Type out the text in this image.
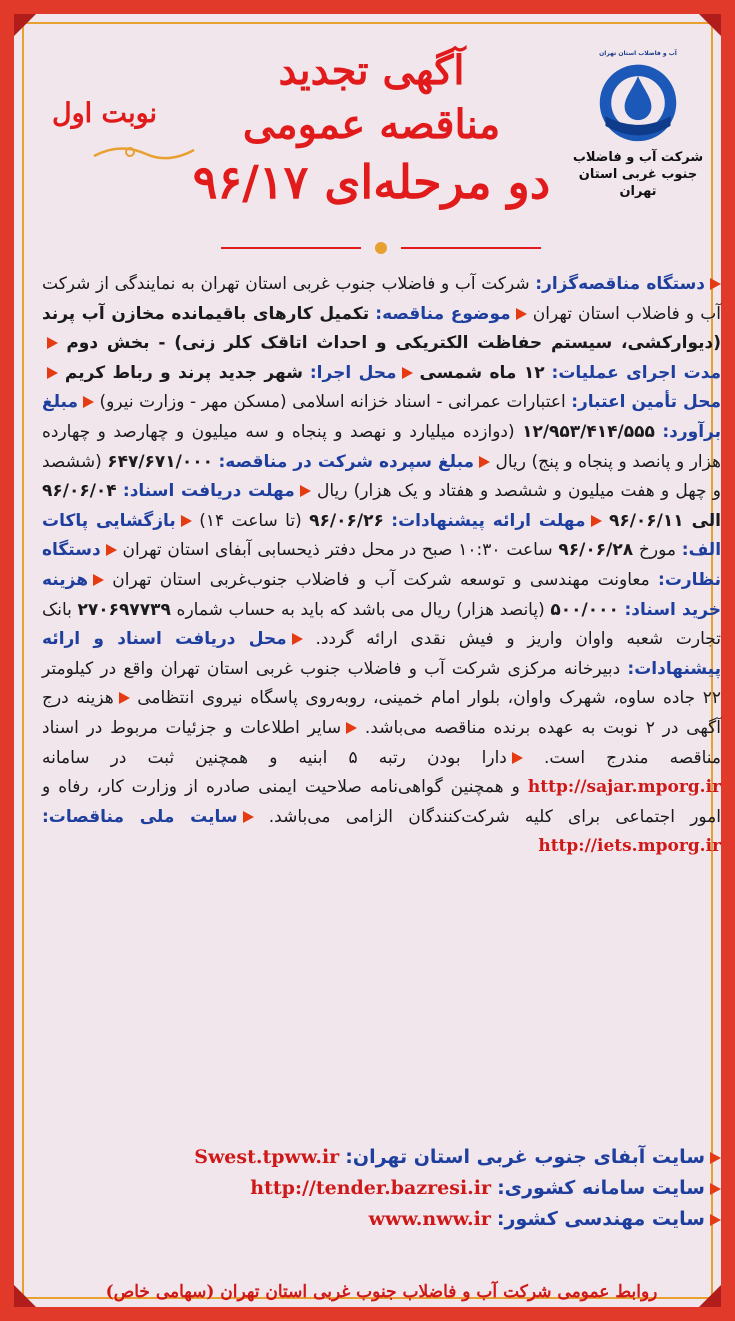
آب و فاضلاب استان تهران
شرکت آب و فاضلاب
جنوب غربی استان تهران
آگهی تجدید
مناقصه عمومی
دو مرحله‌ای ۹۶/۱۷
نوبت اول

دستگاه مناقصه‌گزار: شرکت آب و فاضلاب جنوب غربی استان تهران به نمایندگی از شرکت آب و فاضلاب استان تهران موضوع مناقصه: تکمیل کارهای باقیمانده مخازن آب پرند (دیوارکشی، سیستم حفاظت الکتریکی و احداث اتاقک کلر زنی) - بخش دوم مدت اجرای عملیات: ۱۲ ماه شمسی محل اجرا: شهر جدید پرند و رباط کریم محل تأمین اعتبار: اعتبارات عمرانی - اسناد خزانه اسلامی (مسکن مهر - وزارت نیرو) مبلغ برآورد: ۱۲/۹۵۳/۴۱۴/۵۵۵ (دوازده میلیارد و نهصد و پنجاه و سه میلیون و چهارصد و چهارده هزار و پانصد و پنجاه و پنج) ریال مبلغ سپرده شرکت در مناقصه: ۶۴۷/۶۷۱/۰۰۰ (ششصد و چهل و هفت میلیون و ششصد و هفتاد و یک هزار) ریال مهلت دریافت اسناد: ۹۶/۰۶/۰۴ الی ۹۶/۰۶/۱۱ مهلت ارائه پیشنهادات: ۹۶/۰۶/۲۶ (تا ساعت ۱۴) بازگشایی پاکات الف: مورخ ۹۶/۰۶/۲۸ ساعت ۱۰:۳۰ صبح در محل دفتر ذیحسابی آبفای استان تهران دستگاه نظارت: معاونت مهندسی و توسعه شرکت آب و فاضلاب جنوب‌غربی استان تهران هزینه خرید اسناد: ۵۰۰/۰۰۰ (پانصد هزار) ریال می باشد که باید به حساب شماره ۲۷۰۶۹۷۷۳۹ بانک تجارت شعبه واوان واریز و فیش نقدی ارائه گردد. محل دریافت اسناد و ارائه پیشنهادات: دبیرخانه مرکزی شرکت آب و فاضلاب جنوب غربی استان تهران واقع در کیلومتر ۲۲ جاده ساوه، شهرک واوان، بلوار امام خمینی، روبه‌روی پاسگاه نیروی انتظامی هزینه درج آگهی در ۲ نوبت به عهده برنده مناقصه می‌باشد. سایر اطلاعات و جزئیات مربوط در اسناد مناقصه مندرج است. دارا بودن رتبه ۵ ابنیه و همچنین ثبت در سامانه http://sajar.mporg.ir و همچنین گواهی‌نامه صلاحیت ایمنی صادره از وزارت کار، رفاه و امور اجتماعی برای کلیه شرکت‌کنندگان الزامی می‌باشد. سایت ملی مناقصات: http://iets.mporg.ir

سایت آبفای جنوب غربی استان تهران: Swest.tpww.ir
سایت سامانه کشوری: http://tender.bazresi.ir
سایت مهندسی کشور: www.nww.ir
روابط عمومی شرکت آب و فاضلاب جنوب غربی استان تهران (سهامی خاص)
